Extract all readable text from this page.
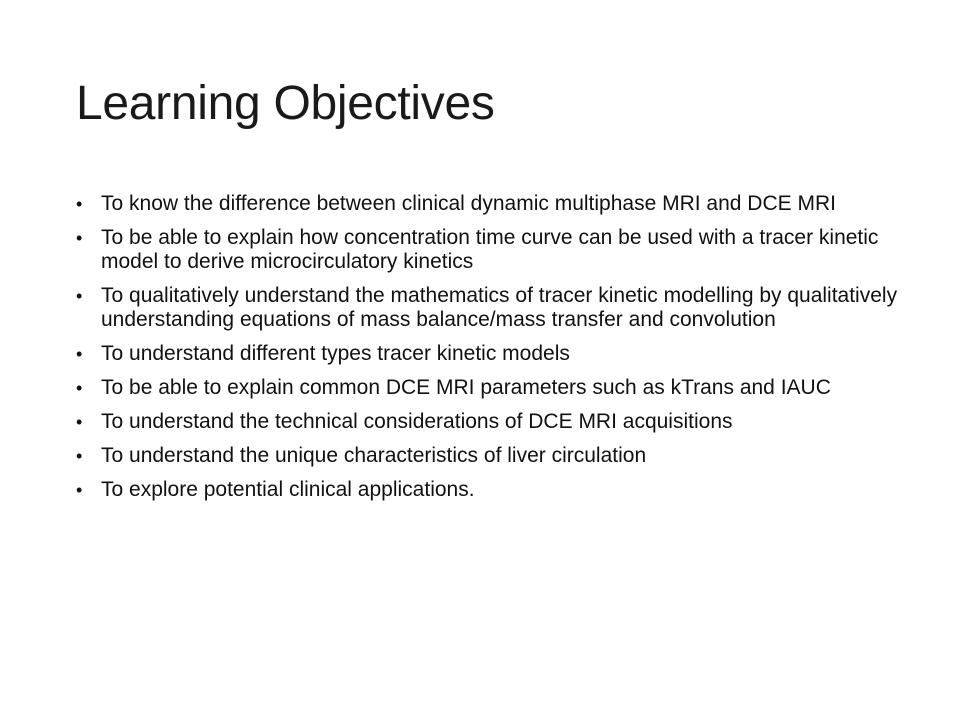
Learning Objectives
• To know the difference between clinical dynamic multiphase MRI and DCE MRI
• To be able to explain how concentration time curve can be used with a tracer kinetic model to derive microcirculatory kinetics
• To qualitatively understand the mathematics of tracer kinetic modelling by qualitatively understanding equations of mass balance/mass transfer and convolution
• To understand different types tracer kinetic models
• To be able to explain common DCE MRI parameters such as kTrans and IAUC
• To understand the technical considerations of DCE MRI acquisitions
• To understand the unique characteristics of liver circulation
• To explore potential clinical applications.
